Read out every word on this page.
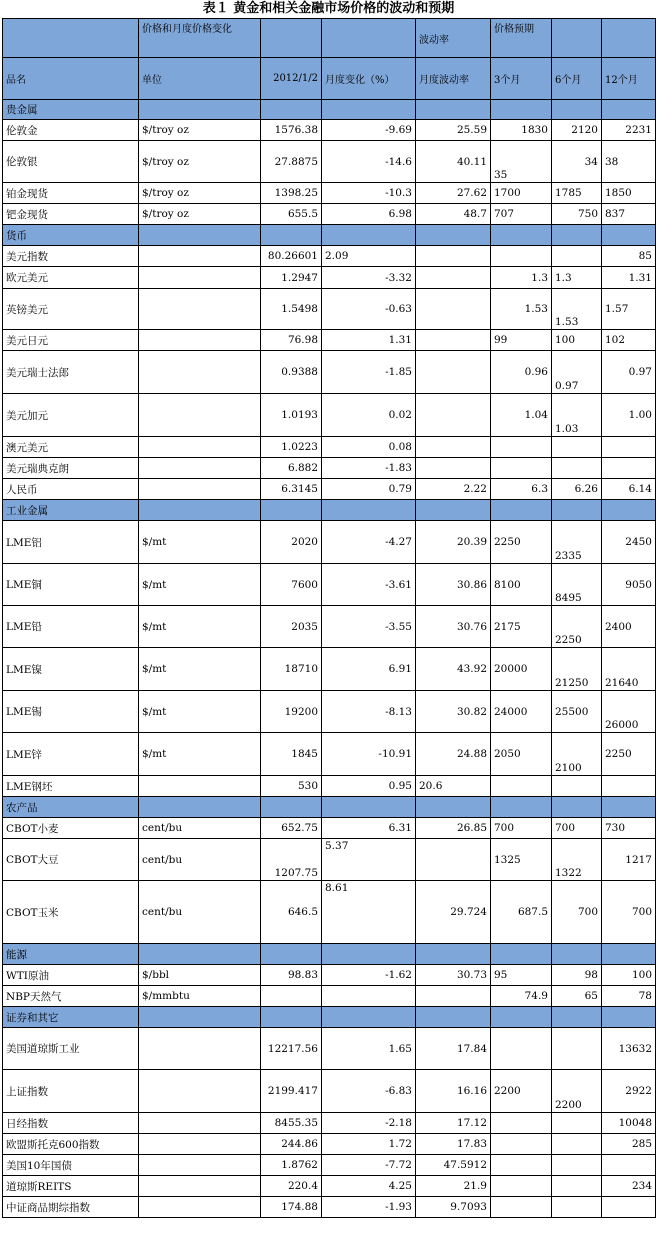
表１ 黄金和相关金融市场价格的波动和预期
	价格和月度价格变化			波动率	价格预期		
品名	单位	2012/1/2	月度变化（%）	月度波动率	3个月	6个月	12个月
贵金属							
伦敦金	$/troy oz	1576.38	-9.69	25.59	1830	2120	2231
伦敦银	$/troy oz	27.8875	-14.6	40.11	35	34	38
铂金现货	$/troy oz	1398.25	-10.3	27.62	1700	1785	1850
钯金现货	$/troy oz	655.5	6.98	48.7	707	750	837
货币							
美元指数		80.26601	2.09				85
欧元美元		1.2947	-3.32		1.3	1.3	1.31
英镑美元		1.5498	-0.63		1.53	1.53	1.57
美元日元		76.98	1.31		99	100	102
美元瑞士法郎		0.9388	-1.85		0.96	0.97	0.97
美元加元		1.0193	0.02		1.04	1.03	1.00
澳元美元		1.0223	0.08				
美元瑞典克朗		6.882	-1.83				
人民币		6.3145	0.79	2.22	6.3	6.26	6.14
工业金属							
LME铝	$/mt	2020	-4.27	20.39	2250	2335	2450
LME铜	$/mt	7600	-3.61	30.86	8100	8495	9050
LME铅	$/mt	2035	-3.55	30.76	2175	2250	2400
LME镍	$/mt	18710	6.91	43.92	20000	21250	21640
LME锡	$/mt	19200	-8.13	30.82	24000	25500	26000
LME锌	$/mt	1845	-10.91	24.88	2050	2100	2250
LME钢坯		530	0.95	20.6			
农产品							
CBOT小麦	cent/bu	652.75	6.31	26.85	700	700	730
CBOT大豆	cent/bu	1207.75	5.37		1325	1322	1217
CBOT玉米	cent/bu	646.5	8.61	29.724	687.5	700	700
能源							
WTI原油	$/bbl	98.83	-1.62	30.73	95	98	100
NBP天然气	$/mmbtu				74.9	65	78
证券和其它							
美国道琼斯工业		12217.56	1.65	17.84			13632
上证指数		2199.417	-6.83	16.16	2200	2200	2922
日经指数		8455.35	-2.18	17.12			10048
欧盟斯托克600指数		244.86	1.72	17.83			285
美国10年国债		1.8762	-7.72	47.5912			
道琼斯REITS		220.4	4.25	21.9			234
中证商品期综指数		174.88	-1.93	9.7093			
